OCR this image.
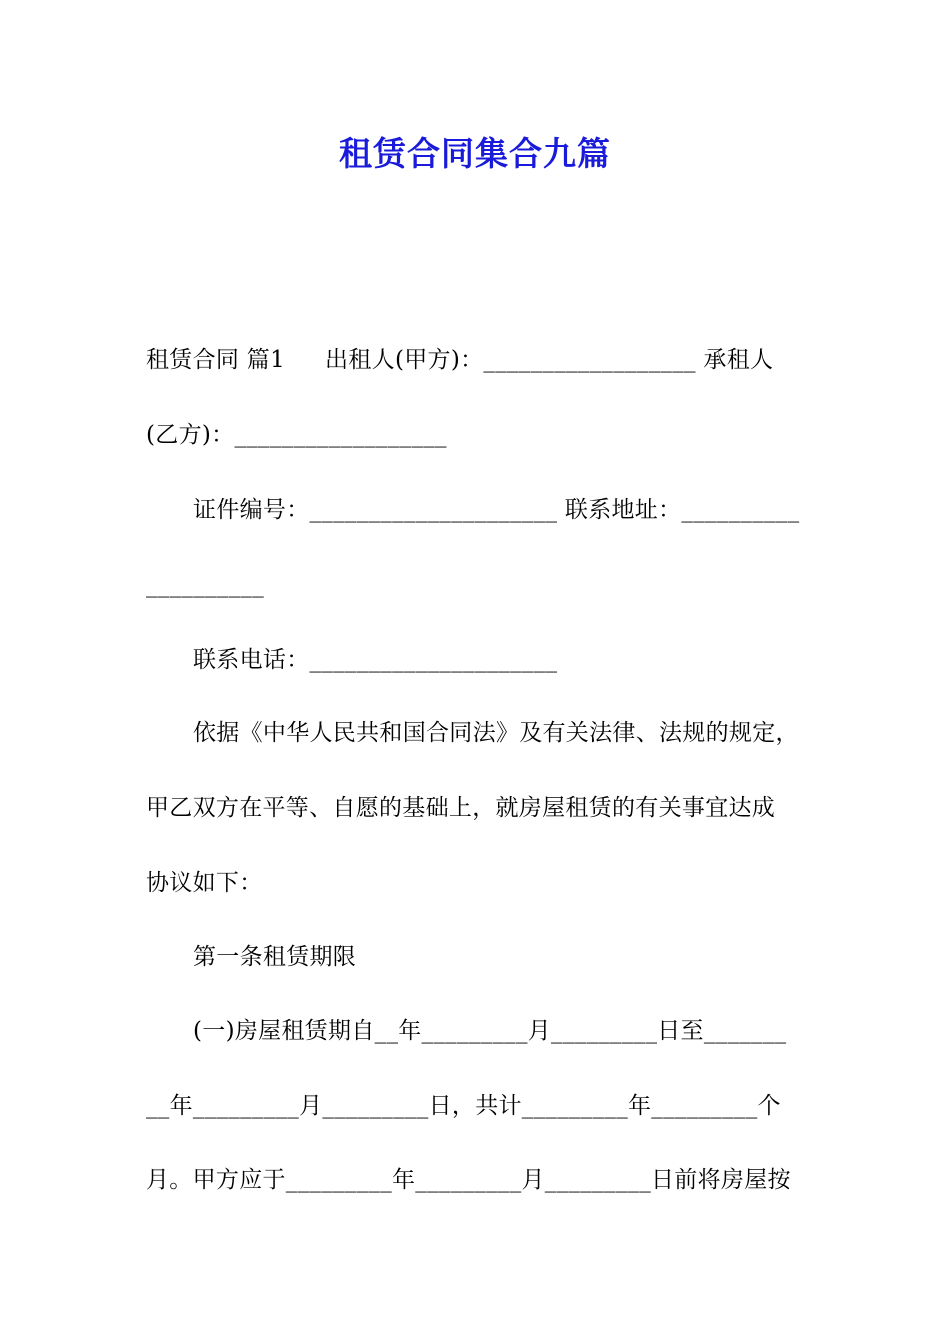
租赁合同集合九篇
租赁合同 篇1 出租人(甲方)：__________________ 承租人
(乙方)：__________________
证件编号：_____________________ 联系地址：__________
__________
联系电话：_____________________
依据《中华人民共和国合同法》及有关法律、法规的规定，
甲乙双方在平等、自愿的基础上，就房屋租赁的有关事宜达成
协议如下：
第一条租赁期限
(一)房屋租赁期自__年_________月_________日至_______
__年_________月_________日，共计_________年_________个
月。甲方应于_________年_________月_________日前将房屋按
